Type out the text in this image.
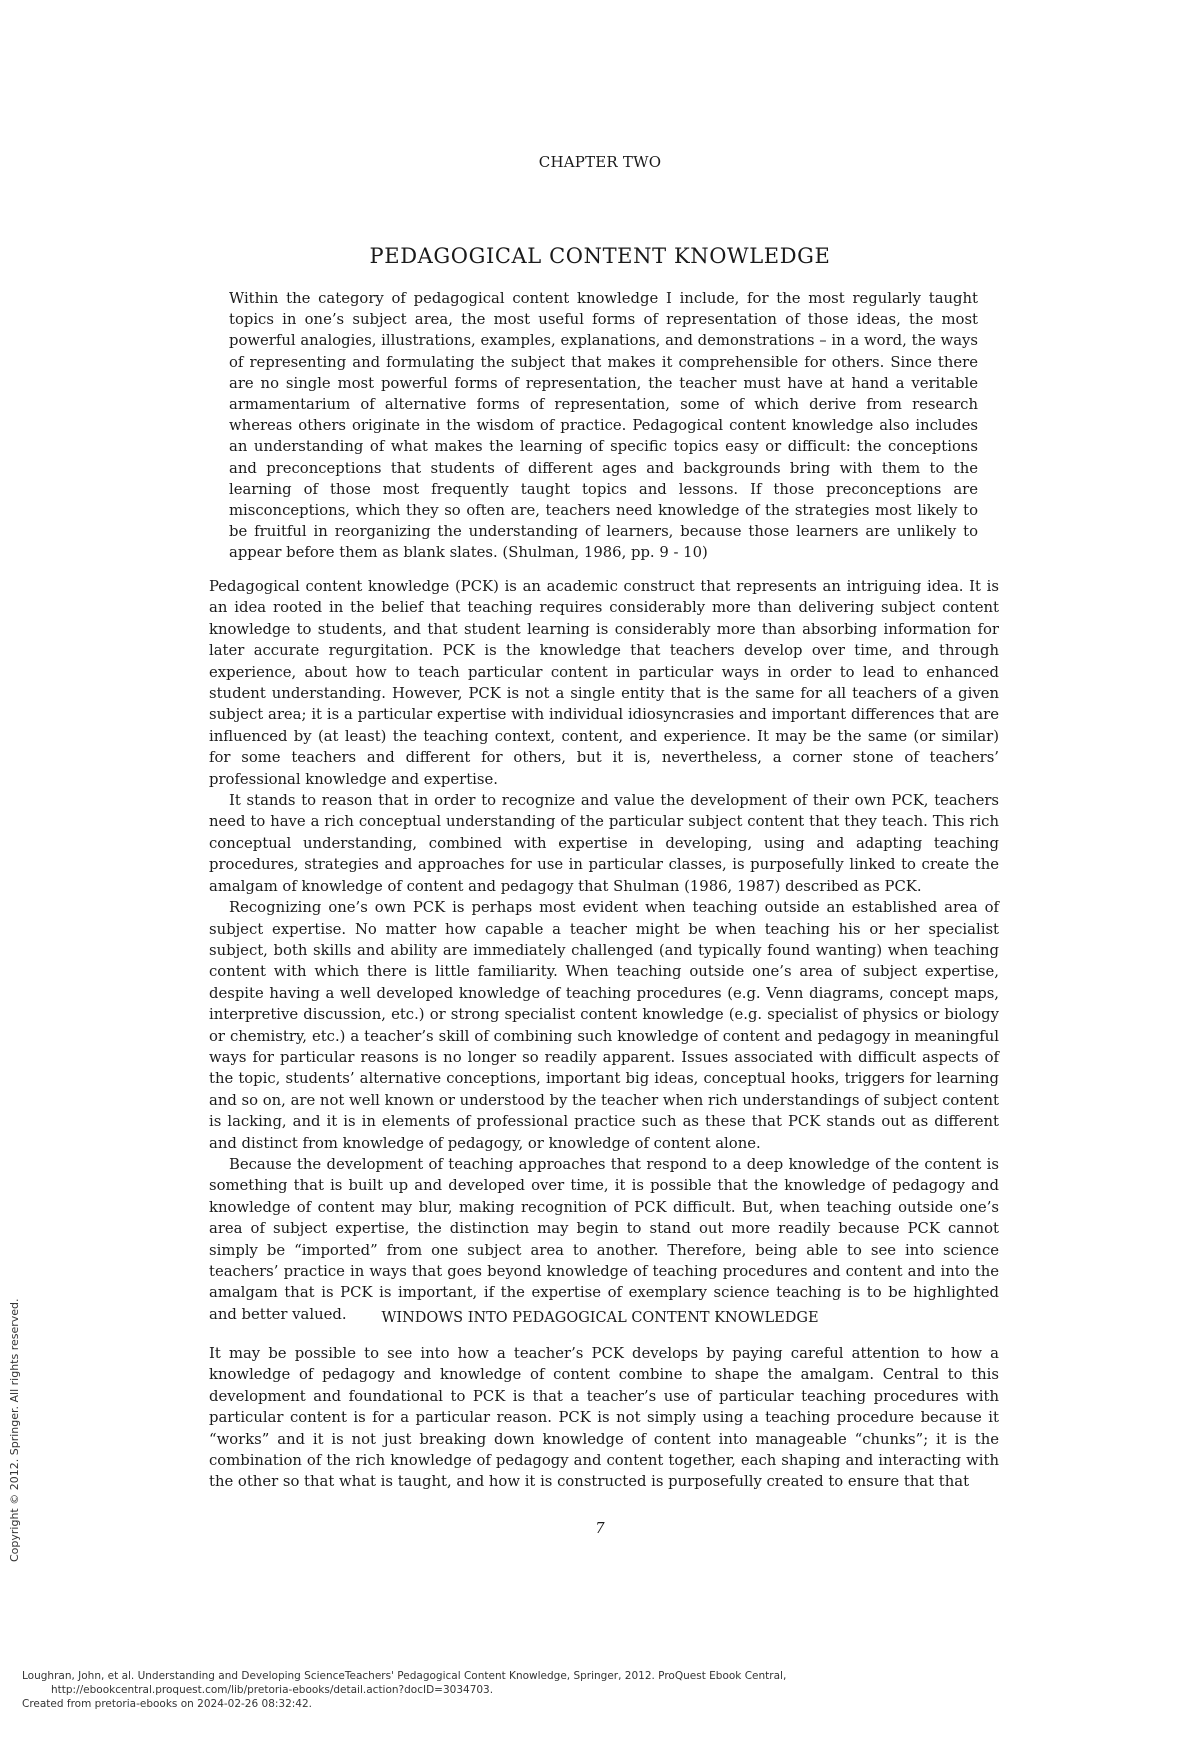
CHAPTER TWO
PEDAGOGICAL CONTENT KNOWLEDGE
Within the category of pedagogical content knowledge I include, for the most regularly taught topics in one’s subject area, the most useful forms of representation of those ideas, the most powerful analogies, illustrations, examples, explanations, and demonstrations – in a word, the ways of representing and formulating the subject that makes it comprehensible for others. Since there are no single most powerful forms of representation, the teacher must have at hand a veritable armamentarium of alternative forms of representation, some of which derive from research whereas others originate in the wisdom of practice. Pedagogical content knowledge also includes an understanding of what makes the learning of specific topics easy or difficult: the conceptions and preconceptions that students of different ages and backgrounds bring with them to the learning of those most frequently taught topics and lessons. If those preconceptions are misconceptions, which they so often are, teachers need knowledge of the strategies most likely to be fruitful in reorganizing the understanding of learners, because those learners are unlikely to appear before them as blank slates. (Shulman, 1986, pp. 9 - 10)

Pedagogical content knowledge (PCK) is an academic construct that represents an intriguing idea. It is an idea rooted in the belief that teaching requires considerably more than delivering subject content knowledge to students, and that student learning is considerably more than absorbing information for later accurate regurgitation. PCK is the knowledge that teachers develop over time, and through experience, about how to teach particular content in particular ways in order to lead to enhanced student understanding. However, PCK is not a single entity that is the same for all teachers of a given subject area; it is a particular expertise with individual idiosyncrasies and important differences that are influenced by (at least) the teaching context, content, and experience. It may be the same (or similar) for some teachers and different for others, but it is, nevertheless, a corner stone of teachers’ professional knowledge and expertise.

It stands to reason that in order to recognize and value the development of their own PCK, teachers need to have a rich conceptual understanding of the particular subject content that they teach. This rich conceptual understanding, combined with expertise in developing, using and adapting teaching procedures, strategies and approaches for use in particular classes, is purposefully linked to create the amalgam of knowledge of content and pedagogy that Shulman (1986, 1987) described as PCK.

Recognizing one’s own PCK is perhaps most evident when teaching outside an established area of subject expertise. No matter how capable a teacher might be when teaching his or her specialist subject, both skills and ability are immediately challenged (and typically found wanting) when teaching content with which there is little familiarity. When teaching outside one’s area of subject expertise, despite having a well developed knowledge of teaching procedures (e.g. Venn diagrams, concept maps, interpretive discussion, etc.) or strong specialist content knowledge (e.g. specialist of physics or biology or chemistry, etc.) a teacher’s skill of combining such knowledge of content and pedagogy in meaningful ways for particular reasons is no longer so readily apparent. Issues associated with difficult aspects of the topic, students’ alternative conceptions, important big ideas, conceptual hooks, triggers for learning and so on, are not well known or understood by the teacher when rich understandings of subject content is lacking, and it is in elements of professional practice such as these that PCK stands out as different and distinct from knowledge of pedagogy, or knowledge of content alone.

Because the development of teaching approaches that respond to a deep knowledge of the content is something that is built up and developed over time, it is possible that the knowledge of pedagogy and knowledge of content may blur, making recognition of PCK difficult. But, when teaching outside one’s area of subject expertise, the distinction may begin to stand out more readily because PCK cannot simply be “imported” from one subject area to another. Therefore, being able to see into science teachers’ practice in ways that goes beyond knowledge of teaching procedures and content and into the amalgam that is PCK is important, if the expertise of exemplary science teaching is to be highlighted and better valued.	WINDOWS INTO PEDAGOGICAL CONTENT KNOWLEDGE

It may be possible to see into how a teacher’s PCK develops by paying careful attention to how a knowledge of pedagogy and knowledge of content combine to shape the amalgam. Central to this development and foundational to PCK is that a teacher’s use of particular teaching procedures with particular content is for a particular reason. PCK is not simply using a teaching procedure because it “works” and it is not just breaking down knowledge of content into manageable “chunks”; it is the combination of the rich knowledge of pedagogy and content together, each shaping and interacting with the other so that what is taught, and how it is constructed is purposefully created to ensure that that

7
Copyright © 2012. Springer. All rights reserved.
Loughran, John, et al. Understanding and Developing ScienceTeachers' Pedagogical Content Knowledge, Springer, 2012. ProQuest Ebook Central,
http://ebookcentral.proquest.com/lib/pretoria-ebooks/detail.action?docID=3034703.
Created from pretoria-ebooks on 2024-02-26 08:32:42.
